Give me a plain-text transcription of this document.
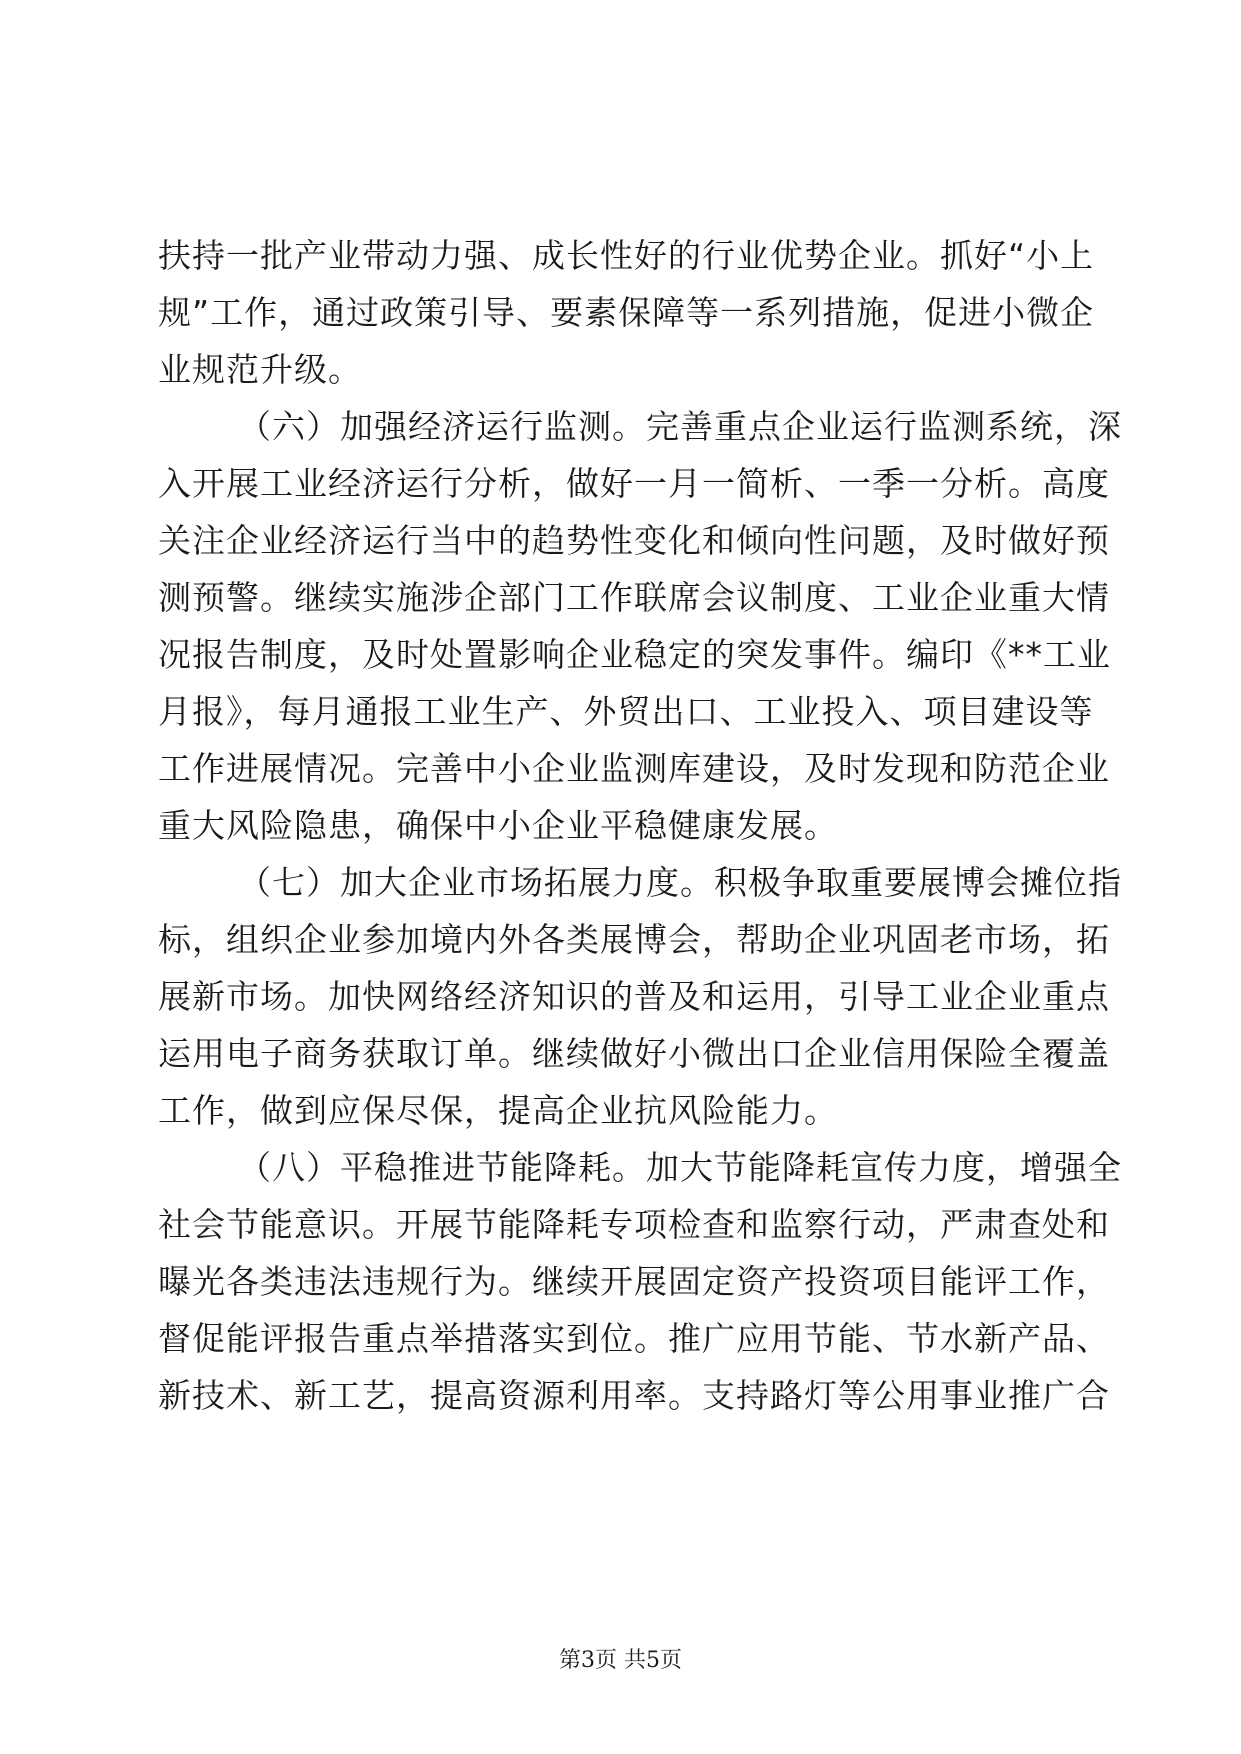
扶持一批产业带动力强、成长性好的行业优势企业。抓好“小上
规”工作，通过政策引导、要素保障等一系列措施，促进小微企
业规范升级。
（六）加强经济运行监测。完善重点企业运行监测系统，深
入开展工业经济运行分析，做好一月一简析、一季一分析。高度
关注企业经济运行当中的趋势性变化和倾向性问题，及时做好预
测预警。继续实施涉企部门工作联席会议制度、工业企业重大情
况报告制度，及时处置影响企业稳定的突发事件。编印《**工业
月报》，每月通报工业生产、外贸出口、工业投入、项目建设等
工作进展情况。完善中小企业监测库建设，及时发现和防范企业
重大风险隐患，确保中小企业平稳健康发展。
（七）加大企业市场拓展力度。积极争取重要展博会摊位指
标，组织企业参加境内外各类展博会，帮助企业巩固老市场，拓
展新市场。加快网络经济知识的普及和运用，引导工业企业重点
运用电子商务获取订单。继续做好小微出口企业信用保险全覆盖
工作，做到应保尽保，提高企业抗风险能力。
（八）平稳推进节能降耗。加大节能降耗宣传力度，增强全
社会节能意识。开展节能降耗专项检查和监察行动，严肃查处和
曝光各类违法违规行为。继续开展固定资产投资项目能评工作，
督促能评报告重点举措落实到位。推广应用节能、节水新产品、
新技术、新工艺，提高资源利用率。支持路灯等公用事业推广合
第3页 共5页
